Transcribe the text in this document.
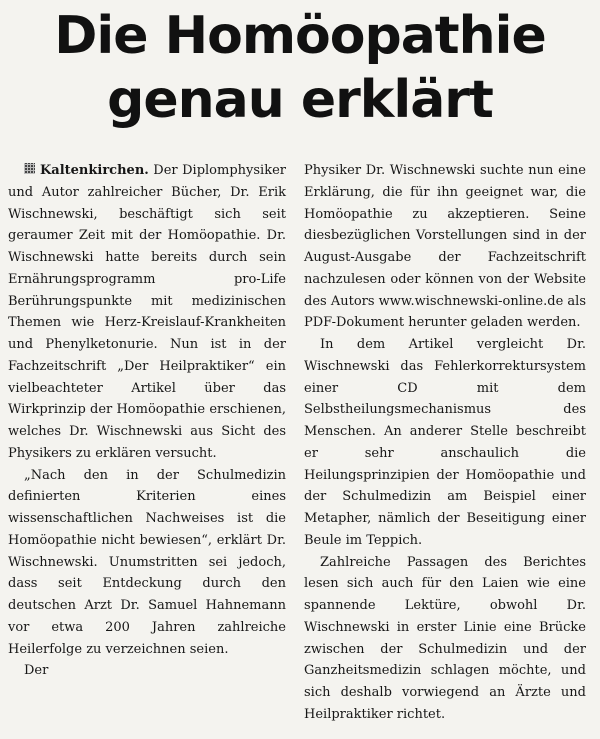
Die Homöopathie
genau erklärt

Kaltenkirchen. Der Diplomphysiker und Autor zahlreicher Bücher, Dr. Erik Wischnewski, beschäftigt sich seit geraumer Zeit mit der Homöopathie. Dr. Wischnewski hatte bereits durch sein Ernährungsprogramm pro-Life Berührungspunkte mit medizinischen Themen wie Herz-Kreislauf-Krankheiten und Phenylketonurie. Nun ist in der Fachzeitschrift „Der Heilpraktiker“ ein vielbeachteter Artikel über das Wirkprinzip der Homöopathie erschienen, welches Dr. Wischnewski aus Sicht des Physikers zu erklären versucht.

„Nach den in der Schulmedizin definierten Kriterien eines wissenschaftlichen Nachweises ist die Homöopathie nicht bewiesen“, erklärt Dr. Wischnewski. Unumstritten sei jedoch, dass seit Entdeckung durch den deutschen Arzt Dr. Samuel Hahnemann vor etwa 200 Jahren zahlreiche Heilerfolge zu verzeichnen seien.

Der

Physiker Dr. Wischnewski suchte nun eine Erklärung, die für ihn geeignet war, die Homöopathie zu akzeptieren. Seine diesbezüglichen Vorstellungen sind in der August-Ausgabe der Fachzeitschrift nachzulesen oder können von der Website des Autors www.wischnewski-online.de als PDF-Dokument herunter geladen werden.

In dem Artikel vergleicht Dr. Wischnewski das Fehlerkorrektursystem einer CD mit dem Selbstheilungsmechanismus des Menschen. An anderer Stelle beschreibt er sehr anschaulich die Heilungsprinzipien der Homöopathie und der Schulmedizin am Beispiel einer Metapher, nämlich der Beseitigung einer Beule im Teppich.

Zahlreiche Passagen des Berichtes lesen sich auch für den Laien wie eine spannende Lektüre, obwohl Dr. Wischnewski in erster Linie eine Brücke zwischen der Schulmedizin und der Ganzheitsmedizin schlagen möchte, und sich deshalb vorwiegend an Ärzte und Heilpraktiker richtet.
